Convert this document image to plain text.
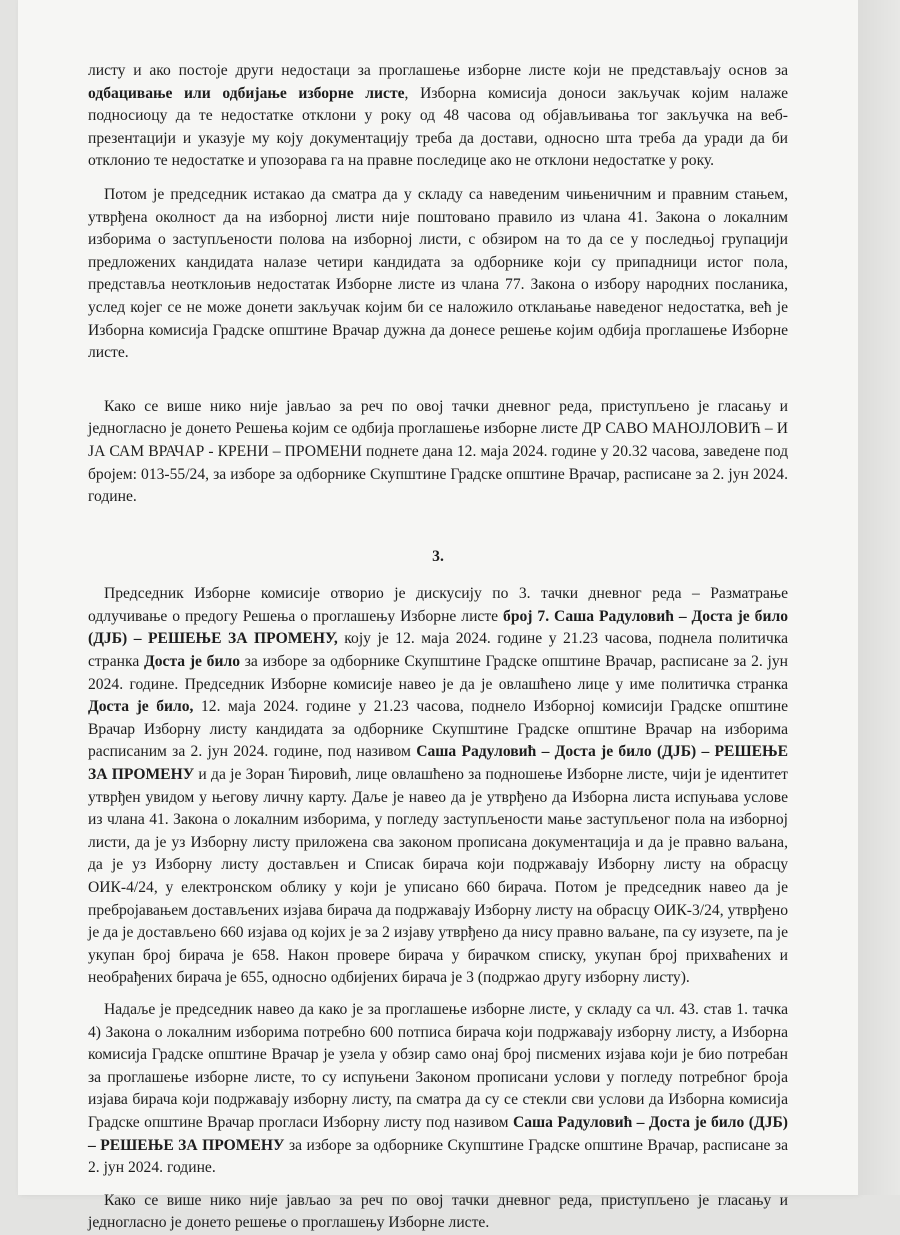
листу и ако постоје други недостаци за проглашење изборне листе који не представљају основ за одбацивање или одбијање изборне листе, Изборна комисија доноси закључак којим налаже подносиоцу да те недостатке отклони у року од 48 часова од објављивања тог закључка на веб-презентацији и указује му коју документацију треба да достави, односно шта треба да уради да би отклонио те недостатке и упозорава га на правне последице ако не отклони недостатке у року.

Потом је председник истакао да сматра да у складу са наведеним чињеничним и правним стањем, утврђена околност да на изборној листи није поштовано правило из члана 41. Закона о локалним изборима о заступљености полова на изборној листи, с обзиром на то да се у последњој групацији предложених кандидата налазе четири кандидата за одборнике који су припадници истог пола, представља неотклоњив недостатак Изборне листе из члана 77. Закона о избору народних посланика, услед којег се не може донети закључак којим би се наложило отклањање наведеног недостатка, већ је Изборна комисија Градске општине Врачар дужна да донесе решење којим одбија проглашење Изборне листе.

Како се више нико није јављао за реч по овој тачки дневног реда, приступљено је гласању и једногласно је донето Решења којим се одбија проглашење изборне листе ДР САВО МАНОЈЛОВИЋ – И ЈА САМ ВРАЧАР - КРЕНИ – ПРОМЕНИ поднете дана 12. маја 2024. године у 20.32 часова, заведене под бројем: 013-55/24, за изборе за одборнике Скупштине Градске општине Врачар, расписане за 2. јун 2024. године.

3.

Председник Изборне комисије отворио је дискусију по 3. тачки дневног реда – Разматрање одлучивање о предогу Решења о проглашењу Изборне листе број 7. Саша Радуловић – Доста је било (ДЈБ) – РЕШЕЊЕ ЗА ПРОМЕНУ, коју је 12. маја 2024. године у 21.23 часова, поднела политичка странка Доста је било за изборе за одборнике Скупштине Градске општине Врачар, расписане за 2. јун 2024. године. Председник Изборне комисије навео је да је овлашћено лице у име политичка странка Доста је било, 12. маја 2024. године у 21.23 часова, поднело Изборној комисији Градске општине Врачар Изборну листу кандидата за одборнике Скупштине Градске општине Врачар на изборима расписаним за 2. јун 2024. године, под називом Саша Радуловић – Доста је било (ДЈБ) – РЕШЕЊЕ ЗА ПРОМЕНУ и да је Зоран Ћировић, лице овлашћено за подношење Изборне листе, чији је идентитет утврђен увидом у његову личну карту. Даље је навео да је утврђено да Изборна листа испуњава услове из члана 41. Закона о локалним изборима, у погледу заступљености мање заступљеног пола на изборној листи, да је уз Изборну листу приложена сва законом прописана документација и да је правно ваљана, да је уз Изборну листу достављен и Списак бирача који подржавају Изборну листу на обрасцу ОИК-4/24, у електронском облику у који је уписано 660 бирача. Потом је председник навео да је пребројавањем достављених изјава бирача да подржавају Изборну листу на обрасцу ОИК-3/24, утврђено је да је достављено 660 изјава од којих је за 2 изјаву утврђено да нису правно ваљане, па су изузете, па је укупан број бирача је 658. Након провере бирача у бирачком списку, укупан број прихваћених и необрађених бирача је 655, односно одбијених бирача је 3 (подржао другу изборну листу).

Надаље је председник навео да како је за проглашење изборне листе, у складу са чл. 43. став 1. тачка 4) Закона о локалним изборима потребно 600 потписа бирача који подржавају изборну листу, а Изборна комисија Градске општине Врачар је узела у обзир само онај број писмених изјава који је био потребан за проглашење изборне листе, то су испуњени Законом прописани услови у погледу потребног броја изјава бирача који подржавају изборну листу, па сматра да су се стекли сви услови да Изборна комисија Градске општине Врачар прогласи Изборну листу под називом Саша Радуловић – Доста је било (ДЈБ) – РЕШЕЊЕ ЗА ПРОМЕНУ за изборе за одборнике Скупштине Градске општине Врачар, расписане за 2. јун 2024. године.

Како се више нико није јављао за реч по овој тачки дневног реда, приступљено је гласању и једногласно је донето решење о проглашењу Изборне листе.
